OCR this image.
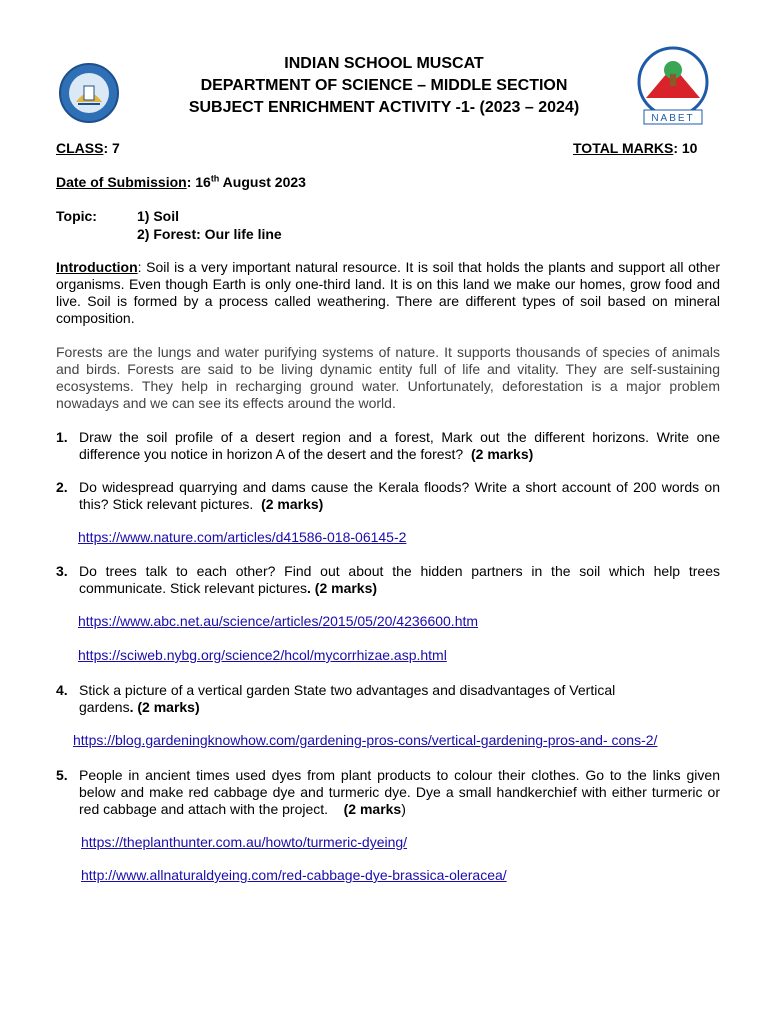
NABET
INDIAN SCHOOL MUSCAT
DEPARTMENT OF SCIENCE – MIDDLE SECTION
SUBJECT ENRICHMENT ACTIVITY -1- (2023 – 2024)
CLASS: 7	TOTAL MARKS: 10
Date of Submission: 16th August 2023
Topic:	1) Soil
2) Forest: Our life line
Introduction: Soil is a very important natural resource. It is soil that holds the plants and support all other organisms. Even though Earth is only one-third land. It is on this land we make our homes, grow food and live. Soil is formed by a process called weathering. There are different types of soil based on mineral composition.
Forests are the lungs and water purifying systems of nature. It supports thousands of species of animals and birds. Forests are said to be living dynamic entity full of life and vitality. They are self-sustaining ecosystems. They help in recharging ground water. Unfortunately, deforestation is a major problem nowadays and we can see its effects around the world.
1. Draw the soil profile of a desert region and a forest, Mark out the different horizons. Write one difference you notice in horizon A of the desert and the forest? (2 marks)
2. Do widespread quarrying and dams cause the Kerala floods? Write a short account of 200 words on this? Stick relevant pictures. (2 marks)
https://www.nature.com/articles/d41586-018-06145-2
3. Do trees talk to each other? Find out about the hidden partners in the soil which help trees communicate. Stick relevant pictures. (2 marks)
https://www.abc.net.au/science/articles/2015/05/20/4236600.htm
https://sciweb.nybg.org/science2/hcol/mycorrhizae.asp.html
4. Stick a picture of a vertical garden State two advantages and disadvantages of Vertical
gardens. (2 marks)
https://blog.gardeningknowhow.com/gardening-pros-cons/vertical-gardening-pros-and- cons-2/
5. People in ancient times used dyes from plant products to colour their clothes. Go to the links given below and make red cabbage dye and turmeric dye. Dye a small handkerchief with either turmeric or red cabbage and attach with the project. (2 marks)
https://theplanthunter.com.au/howto/turmeric-dyeing/
http://www.allnaturaldyeing.com/red-cabbage-dye-brassica-oleracea/
